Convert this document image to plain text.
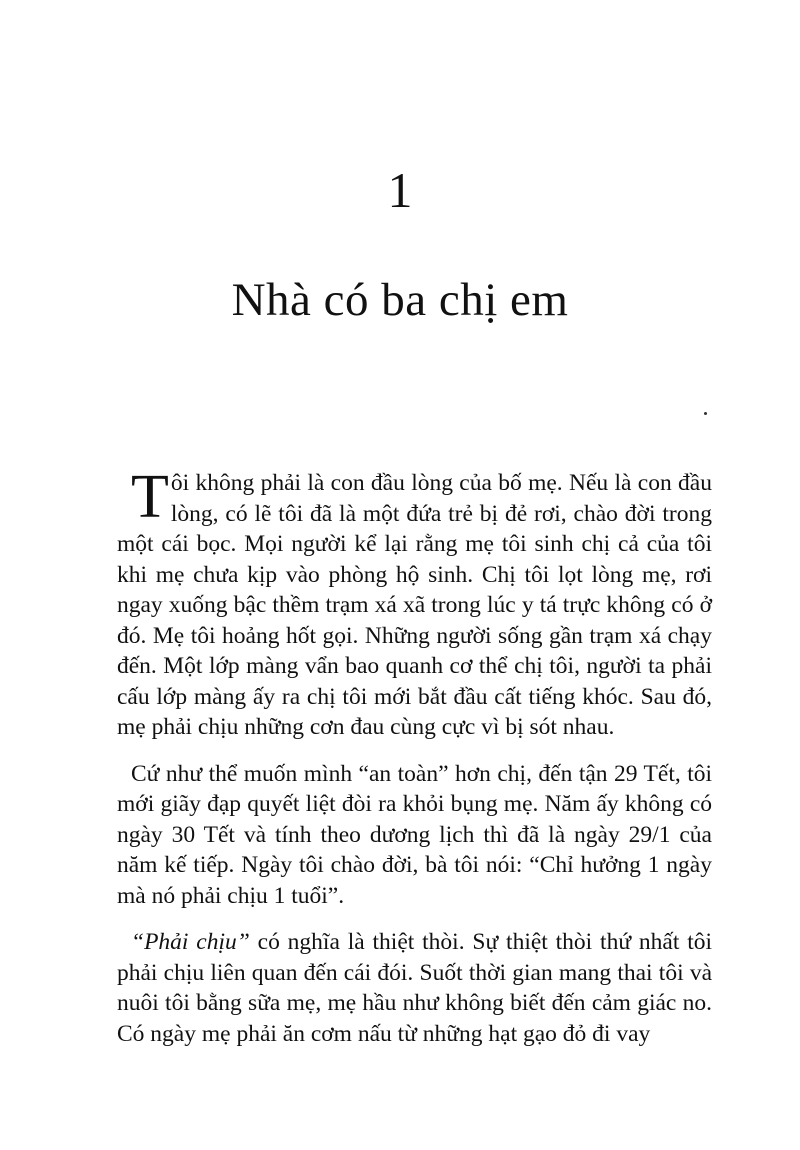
1
Nhà có ba chị em

Tôi không phải là con đầu lòng của bố mẹ. Nếu là con đầu lòng, có lẽ tôi đã là một đứa trẻ bị đẻ rơi, chào đời trong một cái bọc. Mọi người kể lại rằng mẹ tôi sinh chị cả của tôi khi mẹ chưa kịp vào phòng hộ sinh. Chị tôi lọt lòng mẹ, rơi ngay xuống bậc thềm trạm xá xã trong lúc y tá trực không có ở đó. Mẹ tôi hoảng hốt gọi. Những người sống gần trạm xá chạy đến. Một lớp màng vẩn bao quanh cơ thể chị tôi, người ta phải cấu lớp màng ấy ra chị tôi mới bắt đầu cất tiếng khóc. Sau đó, mẹ phải chịu những cơn đau cùng cực vì bị sót nhau.

Cứ như thể muốn mình “an toàn” hơn chị, đến tận 29 Tết, tôi mới giãy đạp quyết liệt đòi ra khỏi bụng mẹ. Năm ấy không có ngày 30 Tết và tính theo dương lịch thì đã là ngày 29/1 của năm kế tiếp. Ngày tôi chào đời, bà tôi nói: “Chỉ hưởng 1 ngày mà nó phải chịu 1 tuổi”.

“Phải chịu” có nghĩa là thiệt thòi. Sự thiệt thòi thứ nhất tôi phải chịu liên quan đến cái đói. Suốt thời gian mang thai tôi và nuôi tôi bằng sữa mẹ, mẹ hầu như không biết đến cảm giác no. Có ngày mẹ phải ăn cơm nấu từ những hạt gạo đỏ đi vay
